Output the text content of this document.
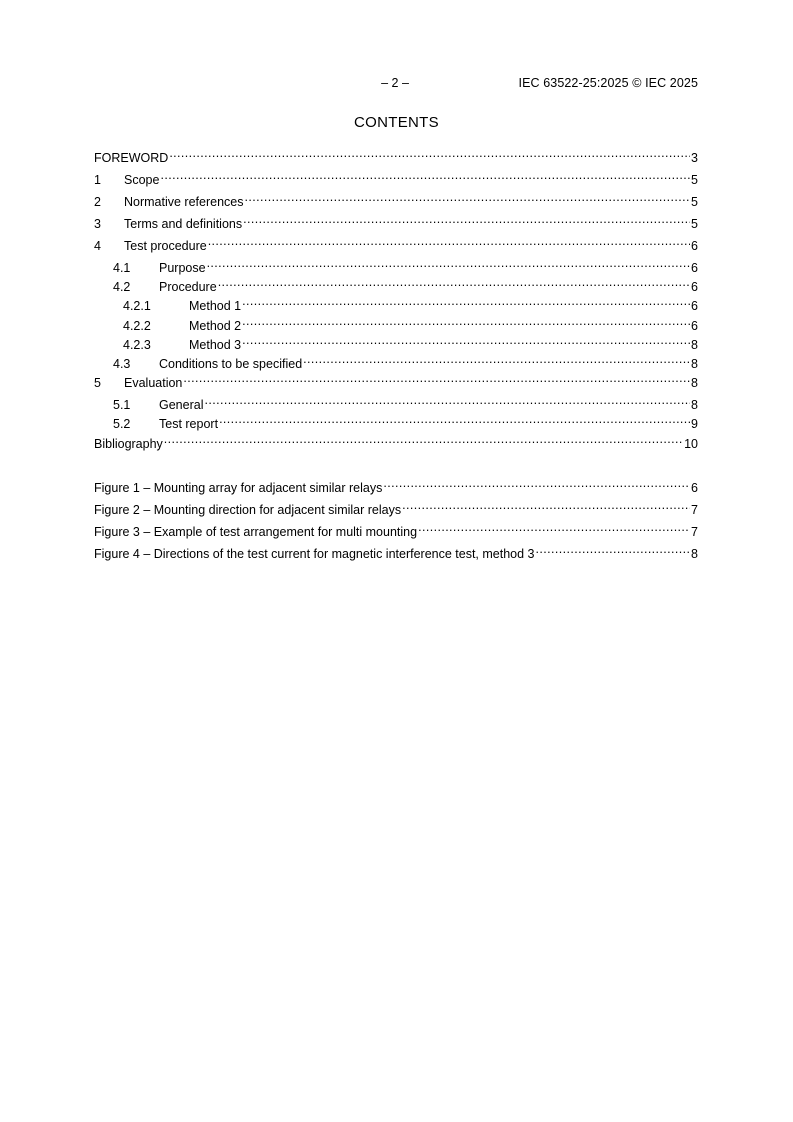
– 2 –	IEC 63522-25:2025 © IEC 2025
CONTENTS
FOREWORD .....	3
1	Scope .....	5
2	Normative references .....	5
3	Terms and definitions .....	5
4	Test procedure .....	6
4.1	Purpose .....	6
4.2	Procedure .....	6
4.2.1	Method 1 .....	6
4.2.2	Method 2 .....	6
4.2.3	Method 3 .....	8
4.3	Conditions to be specified .....	8
5	Evaluation .....	8
5.1	General .....	8
5.2	Test report .....	9
Bibliography .....	10
Figure 1 – Mounting array for adjacent similar relays .....	6
Figure 2 – Mounting direction for adjacent similar relays .....	7
Figure 3 – Example of test arrangement for multi mounting .....	7
Figure 4 – Directions of the test current for magnetic interference test, method 3 .....	8
